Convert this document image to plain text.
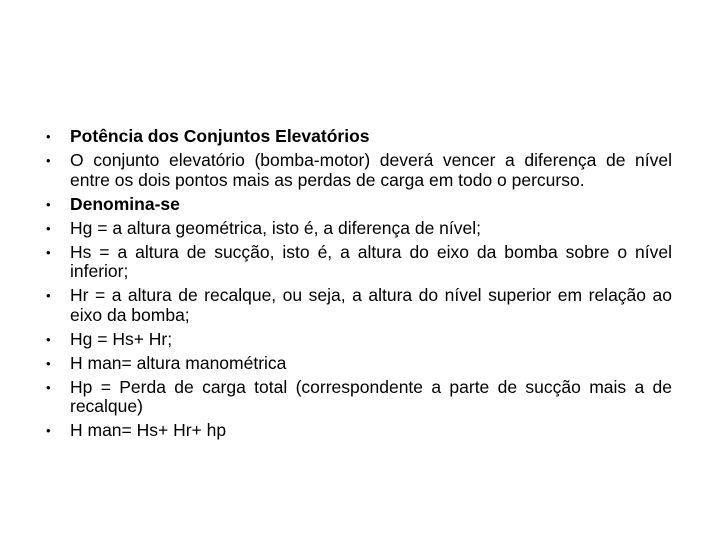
• Potência dos Conjuntos Elevatórios
• O conjunto elevatório (bomba-motor) deverá vencer a diferença de nível entre os dois pontos mais as perdas de carga em todo o percurso.
• Denomina-se
• Hg = a altura geométrica, isto é, a diferença de nível;
• Hs = a altura de sucção, isto é, a altura do eixo da bomba sobre o nível inferior;
• Hr = a altura de recalque, ou seja, a altura do nível superior em relação ao eixo da bomba;
• Hg = Hs+ Hr;
• H man= altura manométrica
• Hp = Perda de carga total (correspondente a parte de sucção mais a de recalque)
• H man= Hs+ Hr+ hp
